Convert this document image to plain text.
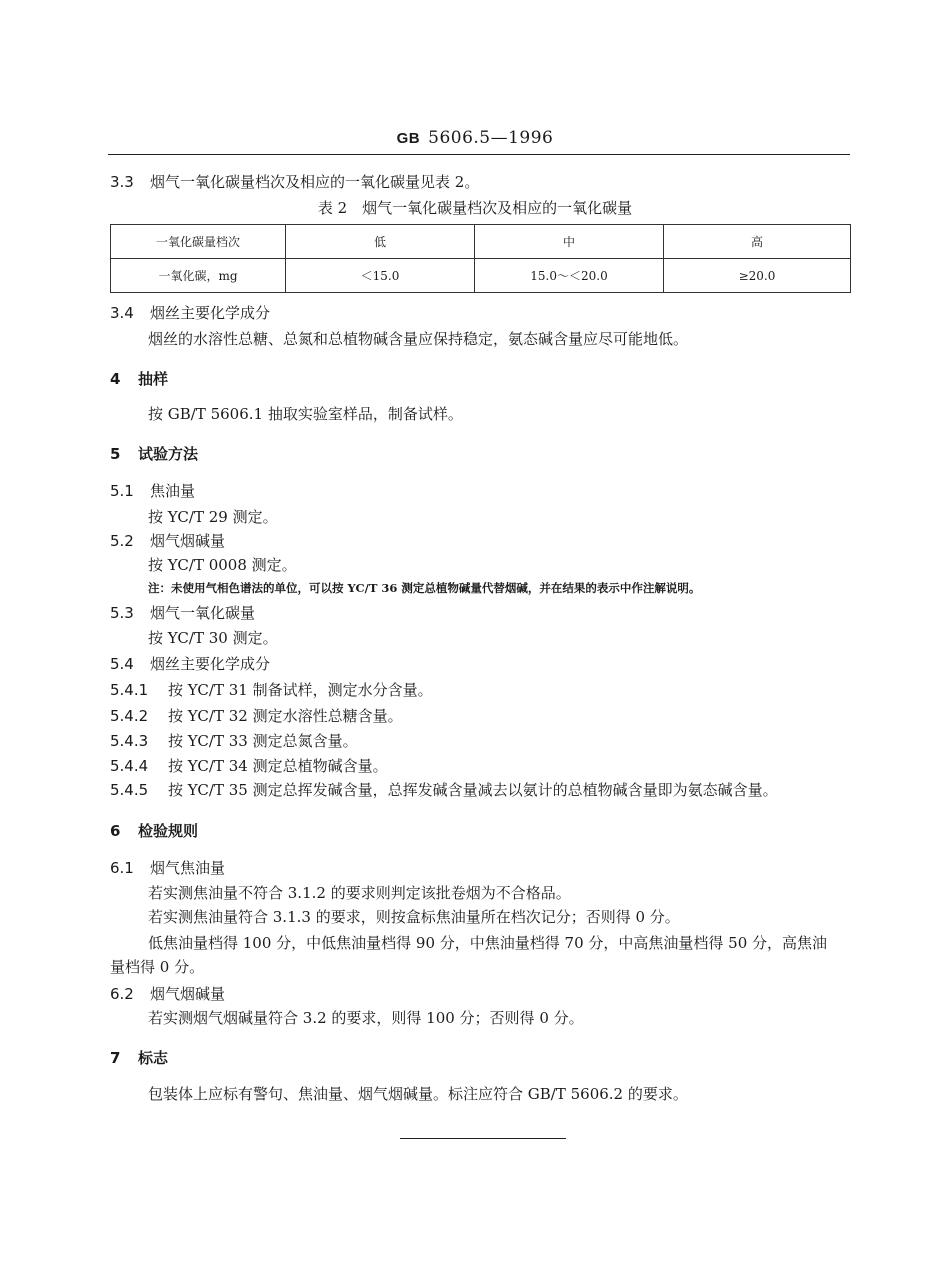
GB 5606.5—1996
3.3 烟气一氧化碳量档次及相应的一氧化碳量见表 2。
表 2　烟气一氧化碳量档次及相应的一氧化碳量
一氧化碳量档次	低	中	高
一氧化碳，mg	＜15.0	15.0～＜20.0	≥20.0
3.4 烟丝主要化学成分
烟丝的水溶性总糖、总氮和总植物碱含量应保持稳定，氨态碱含量应尽可能地低。
4 抽样
按 GB/T 5606.1 抽取实验室样品，制备试样。
5 试验方法
5.1 焦油量
按 YC/T 29 测定。
5.2 烟气烟碱量
按 YC/T 0008 测定。
注：未使用气相色谱法的单位，可以按 YC/T 36 测定总植物碱量代替烟碱，并在结果的表示中作注解说明。
5.3 烟气一氧化碳量
按 YC/T 30 测定。
5.4 烟丝主要化学成分
5.4.1 按 YC/T 31 制备试样，测定水分含量。
5.4.2 按 YC/T 32 测定水溶性总糖含量。
5.4.3 按 YC/T 33 测定总氮含量。
5.4.4 按 YC/T 34 测定总植物碱含量。
5.4.5 按 YC/T 35 测定总挥发碱含量，总挥发碱含量减去以氨计的总植物碱含量即为氨态碱含量。
6 检验规则
6.1 烟气焦油量
若实测焦油量不符合 3.1.2 的要求则判定该批卷烟为不合格品。
若实测焦油量符合 3.1.3 的要求，则按盒标焦油量所在档次记分；否则得 0 分。
低焦油量档得 100 分，中低焦油量档得 90 分，中焦油量档得 70 分，中高焦油量档得 50 分，高焦油
量档得 0 分。
6.2 烟气烟碱量
若实测烟气烟碱量符合 3.2 的要求，则得 100 分；否则得 0 分。
7 标志
包装体上应标有警句、焦油量、烟气烟碱量。标注应符合 GB/T 5606.2 的要求。
